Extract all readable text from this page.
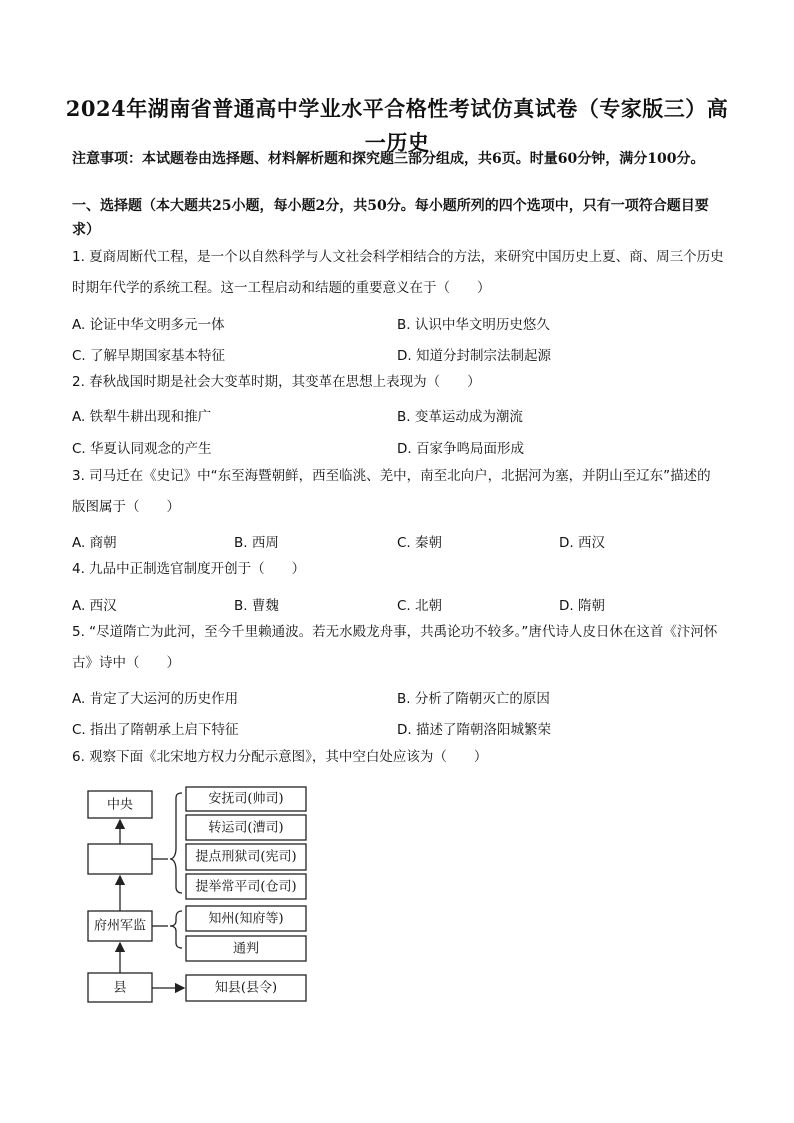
2024年湖南省普通高中学业水平合格性考试仿真试卷（专家版三）高一历史
注意事项：本试题卷由选择题、材料解析题和探究题三部分组成，共6页。时量60分钟，满分100分。
一、选择题（本大题共25小题，每小题2分，共50分。每小题所列的四个选项中，只有一项符合题目要求）
1. 夏商周断代工程，是一个以自然科学与人文社会科学相结合的方法，来研究中国历史上夏、商、周三个历史时期年代学的系统工程。这一工程启动和结题的重要意义在于（　　）
A. 论证中华文明多元一体	B. 认识中华文明历史悠久
C. 了解早期国家基本特征	D. 知道分封制宗法制起源
2. 春秋战国时期是社会大变革时期，其变革在思想上表现为（　　）
A. 铁犁牛耕出现和推广	B. 变革运动成为潮流
C. 华夏认同观念的产生	D. 百家争鸣局面形成
3. 司马迁在《史记》中“东至海暨朝鲜，西至临洮、羌中，南至北向户，北据河为塞，并阴山至辽东”描述的版图属于（　　）
A. 商朝	B. 西周	C. 秦朝	D. 西汉
4. 九品中正制选官制度开创于（　　）
A. 西汉	B. 曹魏	C. 北朝	D. 隋朝
5. “尽道隋亡为此河，至今千里赖通波。若无水殿龙舟事，共禹论功不较多。”唐代诗人皮日休在这首《汴河怀古》诗中（　　）
A. 肯定了大运河的历史作用	B. 分析了隋朝灭亡的原因
C. 指出了隋朝承上启下特征	D. 描述了隋朝洛阳城繁荣
6. 观察下面《北宋地方权力分配示意图》，其中空白处应该为（　　）
中央
府州军监
县
安抚司(帅司)
转运司(漕司)
提点刑狱司(宪司)
提举常平司(仓司)
知州(知府等)
通判
知县(县令)
